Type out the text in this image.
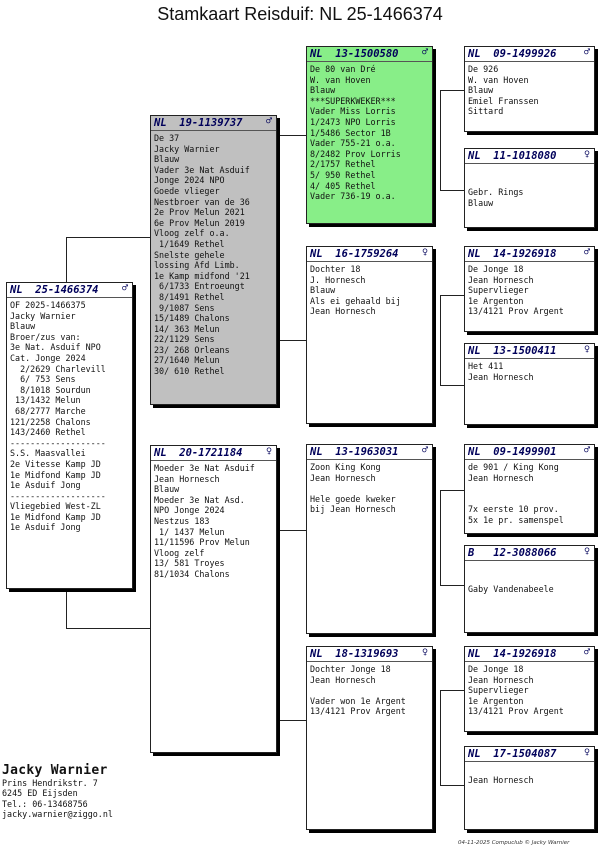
Stamkaart Reisduif: NL 25-1466374
NL  25-1466374 ♂
OF 2025-1466375
Jacky Warnier
Blauw
Broer/zus van:
3e Nat. Asduif NPO
Cat. Jonge 2024
2/2629 Charlevill
6/ 753 Sens
8/1018 Sourdun
13/1432 Melun
68/2777 Marche
121/2258 Chalons
143/2460 Rethel
-------------------
S.S. Maasvallei
2e Vitesse Kamp JD
1e Midfond Kamp JD
1e Asduif Jong
-------------------
Vliegebied West-ZL
1e Midfond Kamp JD
1e Asduif Jong
NL  19-1139737 ♂
De 37
Jacky Warnier
Blauw
Vader 3e Nat Asduif
Jonge 2024 NPO
Goede vlieger
Nestbroer van de 36
2e Prov Melun 2021
6e Prov Melun 2019
Vloog zelf o.a.
1/1649 Rethel
Snelste gehele
lossing Afd Limb.
1e Kamp midfond '21
6/1733 Entroeungt
8/1491 Rethel
9/1087 Sens
15/1489 Chalons
14/ 363 Melun
22/1129 Sens
23/ 268 Orleans
27/1640 Melun
30/ 610 Rethel
NL  20-1721184 ♀
Moeder 3e Nat Asduif
Jean Hornesch
Blauw
Moeder 3e Nat Asd.
NPO Jonge 2024
Nestzus 183
1/ 1437 Melun
11/11596 Prov Melun
Vloog zelf
13/ 581 Troyes
81/1034 Chalons
NL  13-1500580 ♂
De 80 van Dré
W. van Hoven
Blauw
***SUPERKWEKER***
Vader Miss Lorris
1/2473 NPO Lorris
1/5486 Sector 1B
Vader 755-21 o.a.
8/2482 Prov Lorris
2/1757 Rethel
5/ 950 Rethel
4/ 405 Rethel
Vader 736-19 o.a.
NL  16-1759264 ♀
Dochter 18
J. Hornesch
Blauw
Als ei gehaald bij
Jean Hornesch
NL  13-1963031 ♂
Zoon King Kong
Jean Hornesch
Hele goede kweker
bij Jean Hornesch
NL  18-1319693 ♀
Dochter Jonge 18
Jean Hornesch
Vader won 1e Argent
13/4121 Prov Argent
NL  09-1499926	♂
De 926
W. van Hoven
Blauw
Emiel Franssen
Sittard
NL  11-1018080	♀
Gebr. Rings
Blauw
NL  14-1926918	♂
De Jonge 18
Jean Hornesch
Supervlieger
1e Argenton
13/4121 Prov Argent
NL  13-1500411	♀
Het 411
Jean Hornesch
NL  09-1499901	♂
de 901 / King Kong
Jean Hornesch
7x eerste 10 prov.
5x 1e pr. samenspel
B   12-3088066	♀
Gaby Vandenabeele
NL  14-1926918	♂
De Jonge 18
Jean Hornesch
Supervlieger
1e Argenton
13/4121 Prov Argent
NL  17-1504087	♀
Jean Hornesch
Jacky Warnier
Prins Hendrikstr. 7
6245 ED Eijsden
Tel.: 06-13468756
jacky.warnier@ziggo.nl
04-11-2025 Compuclub © Jacky Warnier
